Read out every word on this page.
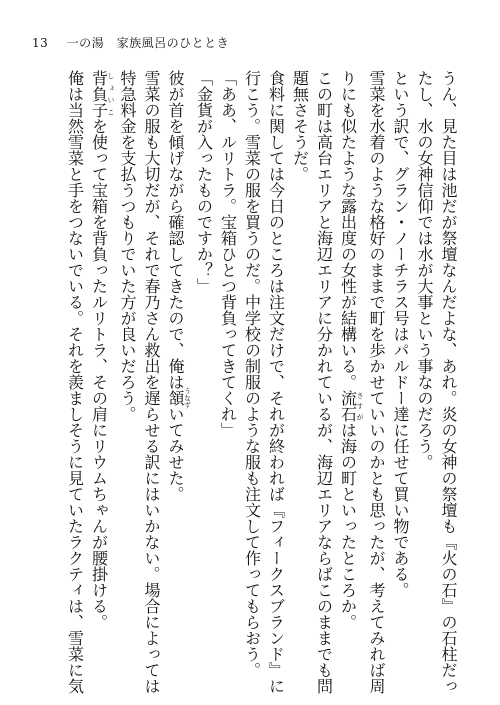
13 一の湯　家族風呂のひととき
うん、見た目は池だが祭壇なんだよな、あれ。炎の女神の祭壇も『火の石』の石柱だっ
たし、水の女神信仰では水が大事という事なのだろう。
という訳で、グラン・ノーチラス号はパルドー達に任せて買い物である。
雪菜を水着のような格好のままで町を歩かせていいのかとも思ったが、考えてみれば周
りにも似たような露出度の女性が結構いる。流石さすがは海の町といったところか。
この町は高台エリアと海辺エリアに分かれているが、海辺エリアならばこのままでも問
題無さそうだ。
食料に関しては今日のところは注文だけで、それが終われば『フィークスブランド』に
行こう。雪菜の服を買うのだ。中学校の制服のような服も注文して作ってもらおう。
「ああ、ルリトラ。宝箱ひとつ背負ってきてくれ」
「金貨が入ったものですか？」
彼が首を傾げながら確認してきたので、俺は頷うなずいてみせた。
雪菜の服も大切だが、それで春乃さん救出を遅らせる訳にはいかない。場合によっては
特急料金を支払うつもりでいた方が良いだろう。
背負子しょいこを使って宝箱を背負ったルリトラ、その肩にリウムちゃんが腰掛ける。
俺は当然雪菜と手をつないでいる。それを羨ましそうに見ていたラクティは、雪菜に気
